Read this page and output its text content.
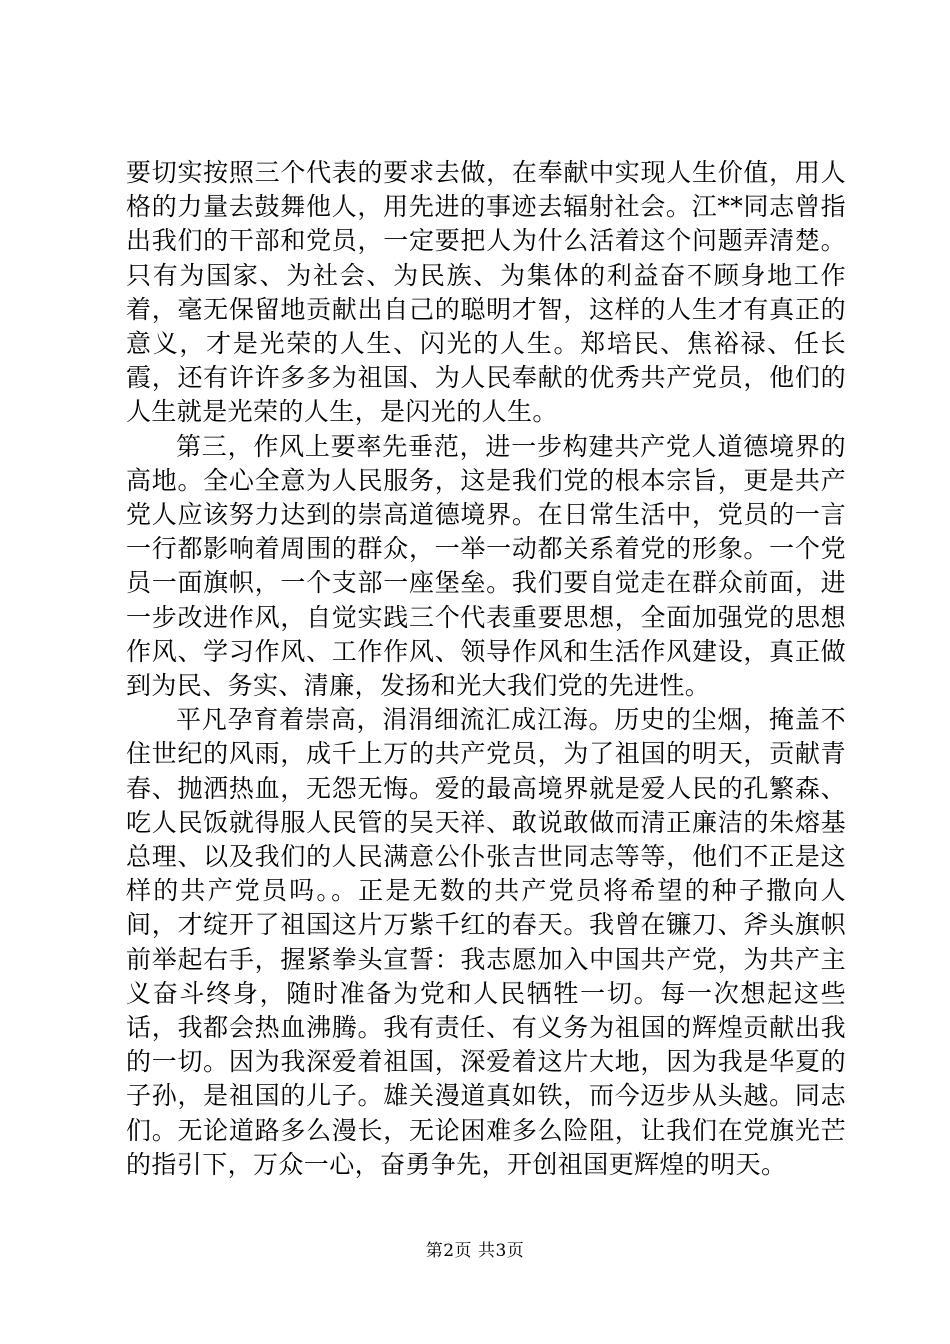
要切实按照三个代表的要求去做，在奉献中实现人生价值，用人格的力量去鼓舞他人，用先进的事迹去辐射社会。江**同志曾指出我们的干部和党员，一定要把人为什么活着这个问题弄清楚。只有为国家、为社会、为民族、为集体的利益奋不顾身地工作着，毫无保留地贡献出自己的聪明才智，这样的人生才有真正的意义，才是光荣的人生、闪光的人生。郑培民、焦裕禄、任长霞，还有许许多多为祖国、为人民奉献的优秀共产党员，他们的人生就是光荣的人生，是闪光的人生。

第三，作风上要率先垂范，进一步构建共产党人道德境界的高地。全心全意为人民服务，这是我们党的根本宗旨，更是共产党人应该努力达到的崇高道德境界。在日常生活中，党员的一言一行都影响着周围的群众，一举一动都关系着党的形象。一个党员一面旗帜，一个支部一座堡垒。我们要自觉走在群众前面，进一步改进作风，自觉实践三个代表重要思想，全面加强党的思想作风、学习作风、工作作风、领导作风和生活作风建设，真正做到为民、务实、清廉，发扬和光大我们党的先进性。

平凡孕育着崇高，涓涓细流汇成江海。历史的尘烟，掩盖不住世纪的风雨，成千上万的共产党员，为了祖国的明天，贡献青春、抛洒热血，无怨无悔。爱的最高境界就是爱人民的孔繁森、吃人民饭就得服人民管的吴天祥、敢说敢做而清正廉洁的朱熔基总理、以及我们的人民满意公仆张吉世同志等等，他们不正是这样的共产党员吗。。正是无数的共产党员将希望的种子撒向人间，才绽开了祖国这片万紫千红的春天。我曾在镰刀、斧头旗帜前举起右手，握紧拳头宣誓：我志愿加入中国共产党，为共产主义奋斗终身，随时准备为党和人民牺牲一切。每一次想起这些话，我都会热血沸腾。我有责任、有义务为祖国的辉煌贡献出我的一切。因为我深爱着祖国，深爱着这片大地，因为我是华夏的子孙，是祖国的儿子。雄关漫道真如铁，而今迈步从头越。同志们。无论道路多么漫长，无论困难多么险阻，让我们在党旗光芒的指引下，万众一心，奋勇争先，开创祖国更辉煌的明天。

第2页 共3页
